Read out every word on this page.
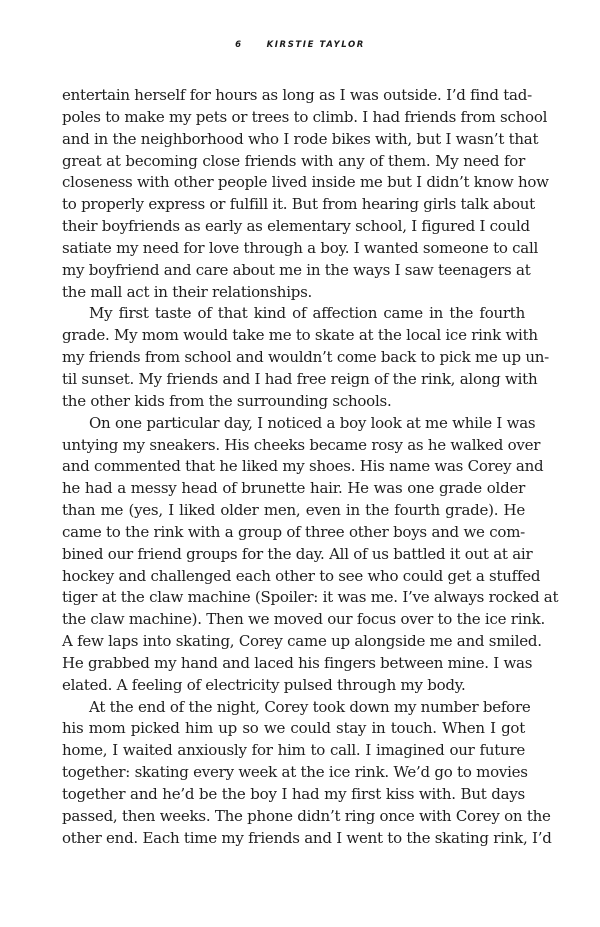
6	KIRSTIE TAYLOR
entertain herself for hours as long as I was outside. I’d find tad-
poles to make my pets or trees to climb. I had friends from school
and in the neighborhood who I rode bikes with, but I wasn’t that
great at becoming close friends with any of them. My need for
closeness with other people lived inside me but I didn’t know how
to properly express or fulfill it. But from hearing girls talk about
their boyfriends as early as elementary school, I figured I could
satiate my need for love through a boy. I wanted someone to call
my boyfriend and care about me in the ways I saw teenagers at
the mall act in their relationships.
My first taste of that kind of affection came in the fourth
grade. My mom would take me to skate at the local ice rink with
my friends from school and wouldn’t come back to pick me up un-
til sunset. My friends and I had free reign of the rink, along with
the other kids from the surrounding schools.
On one particular day, I noticed a boy look at me while I was
untying my sneakers. His cheeks became rosy as he walked over
and commented that he liked my shoes. His name was Corey and
he had a messy head of brunette hair. He was one grade older
than me (yes, I liked older men, even in the fourth grade). He
came to the rink with a group of three other boys and we com-
bined our friend groups for the day. All of us battled it out at air
hockey and challenged each other to see who could get a stuffed
tiger at the claw machine (Spoiler: it was me. I’ve always rocked at
the claw machine). Then we moved our focus over to the ice rink.
A few laps into skating, Corey came up alongside me and smiled.
He grabbed my hand and laced his fingers between mine. I was
elated. A feeling of electricity pulsed through my body.
At the end of the night, Corey took down my number before
his mom picked him up so we could stay in touch. When I got
home, I waited anxiously for him to call. I imagined our future
together: skating every week at the ice rink. We’d go to movies
together and he’d be the boy I had my first kiss with. But days
passed, then weeks. The phone didn’t ring once with Corey on the
other end. Each time my friends and I went to the skating rink, I’d
